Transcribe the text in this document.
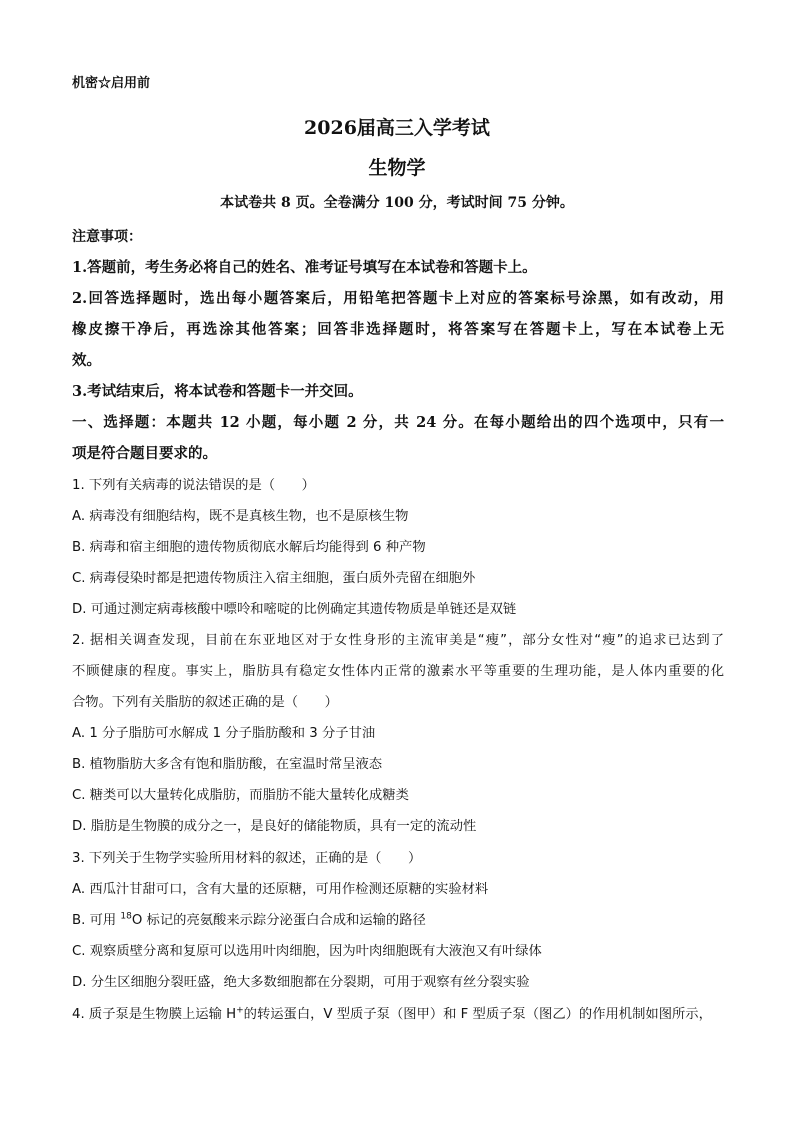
机密☆启用前
2026届高三入学考试
生物学
本试卷共 8 页。全卷满分 100 分，考试时间 75 分钟。
注意事项：
1.答题前，考生务必将自己的姓名、准考证号填写在本试卷和答题卡上。
2.回答选择题时，选出每小题答案后，用铅笔把答题卡上对应的答案标号涂黑，如有改动，用
橡皮擦干净后，再选涂其他答案；回答非选择题时，将答案写在答题卡上，写在本试卷上无
效。
3.考试结束后，将本试卷和答题卡一并交回。
一、选择题：本题共 12 小题，每小题 2 分，共 24 分。在每小题给出的四个选项中，只有一
项是符合题目要求的。
1. 下列有关病毒的说法错误的是（　　）
A. 病毒没有细胞结构，既不是真核生物，也不是原核生物
B. 病毒和宿主细胞的遗传物质彻底水解后均能得到 6 种产物
C. 病毒侵染时都是把遗传物质注入宿主细胞，蛋白质外壳留在细胞外
D. 可通过测定病毒核酸中嘌呤和嘧啶的比例确定其遗传物质是单链还是双链
2. 据相关调查发现，目前在东亚地区对于女性身形的主流审美是“瘦”，部分女性对“瘦”的追求已达到了
不顾健康的程度。事实上，脂肪具有稳定女性体内正常的激素水平等重要的生理功能，是人体内重要的化
合物。下列有关脂肪的叙述正确的是（　　）
A. 1 分子脂肪可水解成 1 分子脂肪酸和 3 分子甘油
B. 植物脂肪大多含有饱和脂肪酸，在室温时常呈液态
C. 糖类可以大量转化成脂肪，而脂肪不能大量转化成糖类
D. 脂肪是生物膜的成分之一，是良好的储能物质，具有一定的流动性
3. 下列关于生物学实验所用材料的叙述，正确的是（　　）
A. 西瓜汁甘甜可口，含有大量的还原糖，可用作检测还原糖的实验材料
B. 可用 $^{18}$O 标记的亮氨酸来示踪分泌蛋白合成和运输的路径
C. 观察质壁分离和复原可以选用叶肉细胞，因为叶肉细胞既有大液泡又有叶绿体
D. 分生区细胞分裂旺盛，绝大多数细胞都在分裂期，可用于观察有丝分裂实验
4. 质子泵是生物膜上运输 H+的转运蛋白，V 型质子泵（图甲）和 F 型质子泵（图乙）的作用机制如图所示，
